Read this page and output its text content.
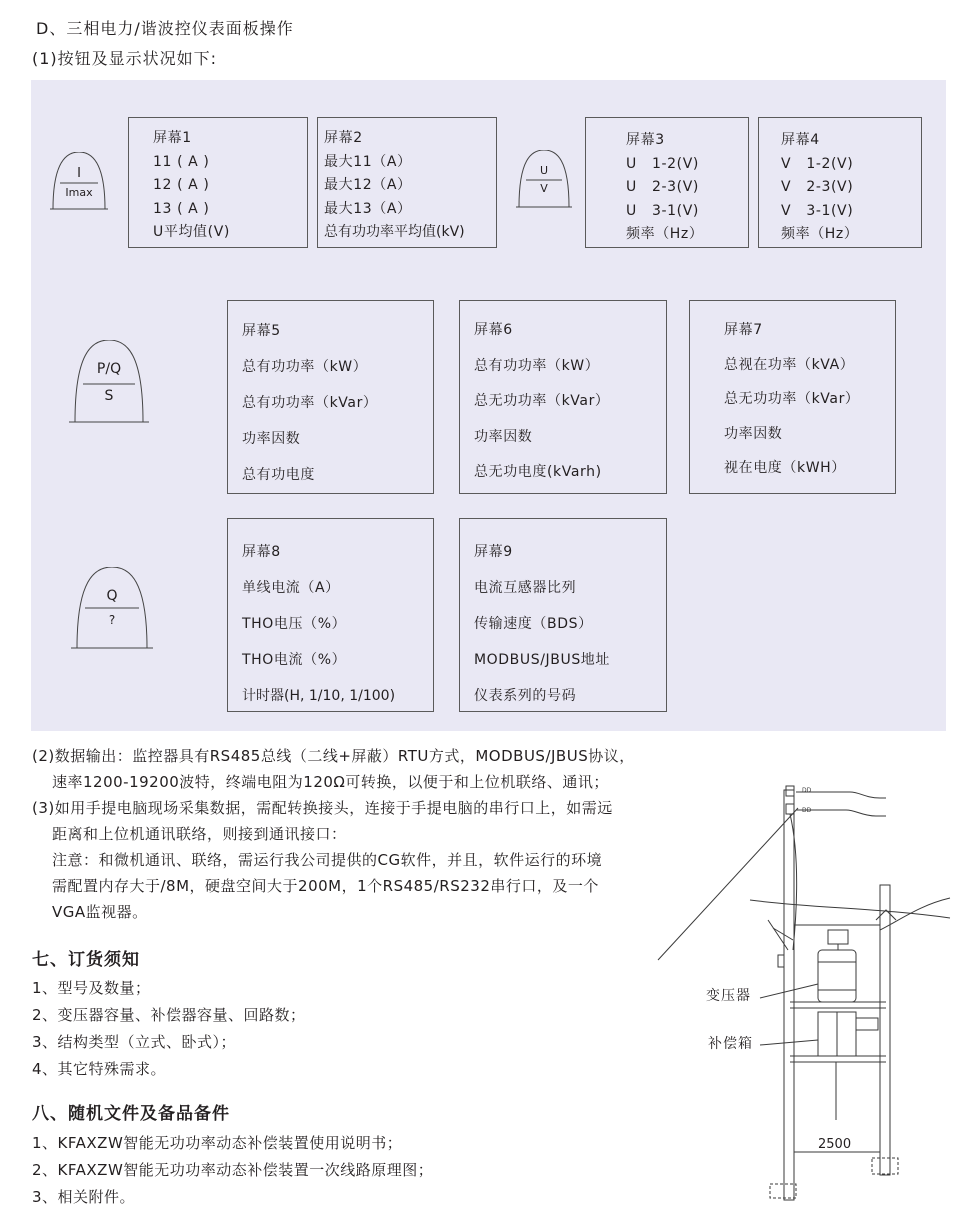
D、三相电力/谐波控仪表面板操作
(1)按钮及显示状况如下:
I
Imax
U
V
P/Q
S
Q
?
屏幕1
11 ( A )
12 ( A )
13 ( A )
U平均值(V)
屏幕2
最大11（A）
最大12（A）
最大13（A）
总有功功率平均值(kV)
屏幕3
U   1-2(V)
U   2-3(V)
U   3-1(V)
频率（Hz）
屏幕4
V   1-2(V)
V   2-3(V)
V   3-1(V)
频率（Hz）
屏幕5
总有功功率（kW）
总有功功率（kVar）
功率因数
总有功电度
屏幕6
总有功功率（kW）
总无功功率（kVar）
功率因数
总无功电度(kVarh)
屏幕7
总视在功率（kVA）
总无功功率（kVar）
功率因数
视在电度（kWH）
屏幕8
单线电流（A）
THO电压（%）
THO电流（%）
计时器(H, 1/10, 1/100)
屏幕9
电流互感器比列
传输速度（BDS）
MODBUS/JBUS地址
仪表系列的号码
(2)数据输出：监控器具有RS485总线（二线+屏蔽）RTU方式，MODBUS/JBUS协议，
速率1200-19200波特，终端电阻为120Ω可转换，以便于和上位机联络、通讯；
(3)如用手提电脑现场采集数据，需配转换接头，连接于手提电脑的串行口上，如需远
距离和上位机通讯联络，则接到通讯接口：
注意：和微机通讯、联络，需运行我公司提供的CG软件，并且，软件运行的环境
需配置内存大于/8M，硬盘空间大于200M，1个RS485/RS232串行口，及一个
VGA监视器。
七、订货须知
1、型号及数量；
2、变压器容量、补偿器容量、回路数；
3、结构类型（立式、卧式）；
4、其它特殊需求。
八、随机文件及备品备件
1、KFAXZW智能无功功率动态补偿装置使用说明书；
2、KFAXZW智能无功功率动态补偿装置一次线路原理图；
3、相关附件。
DD
DD
2500
变压器
补偿箱
